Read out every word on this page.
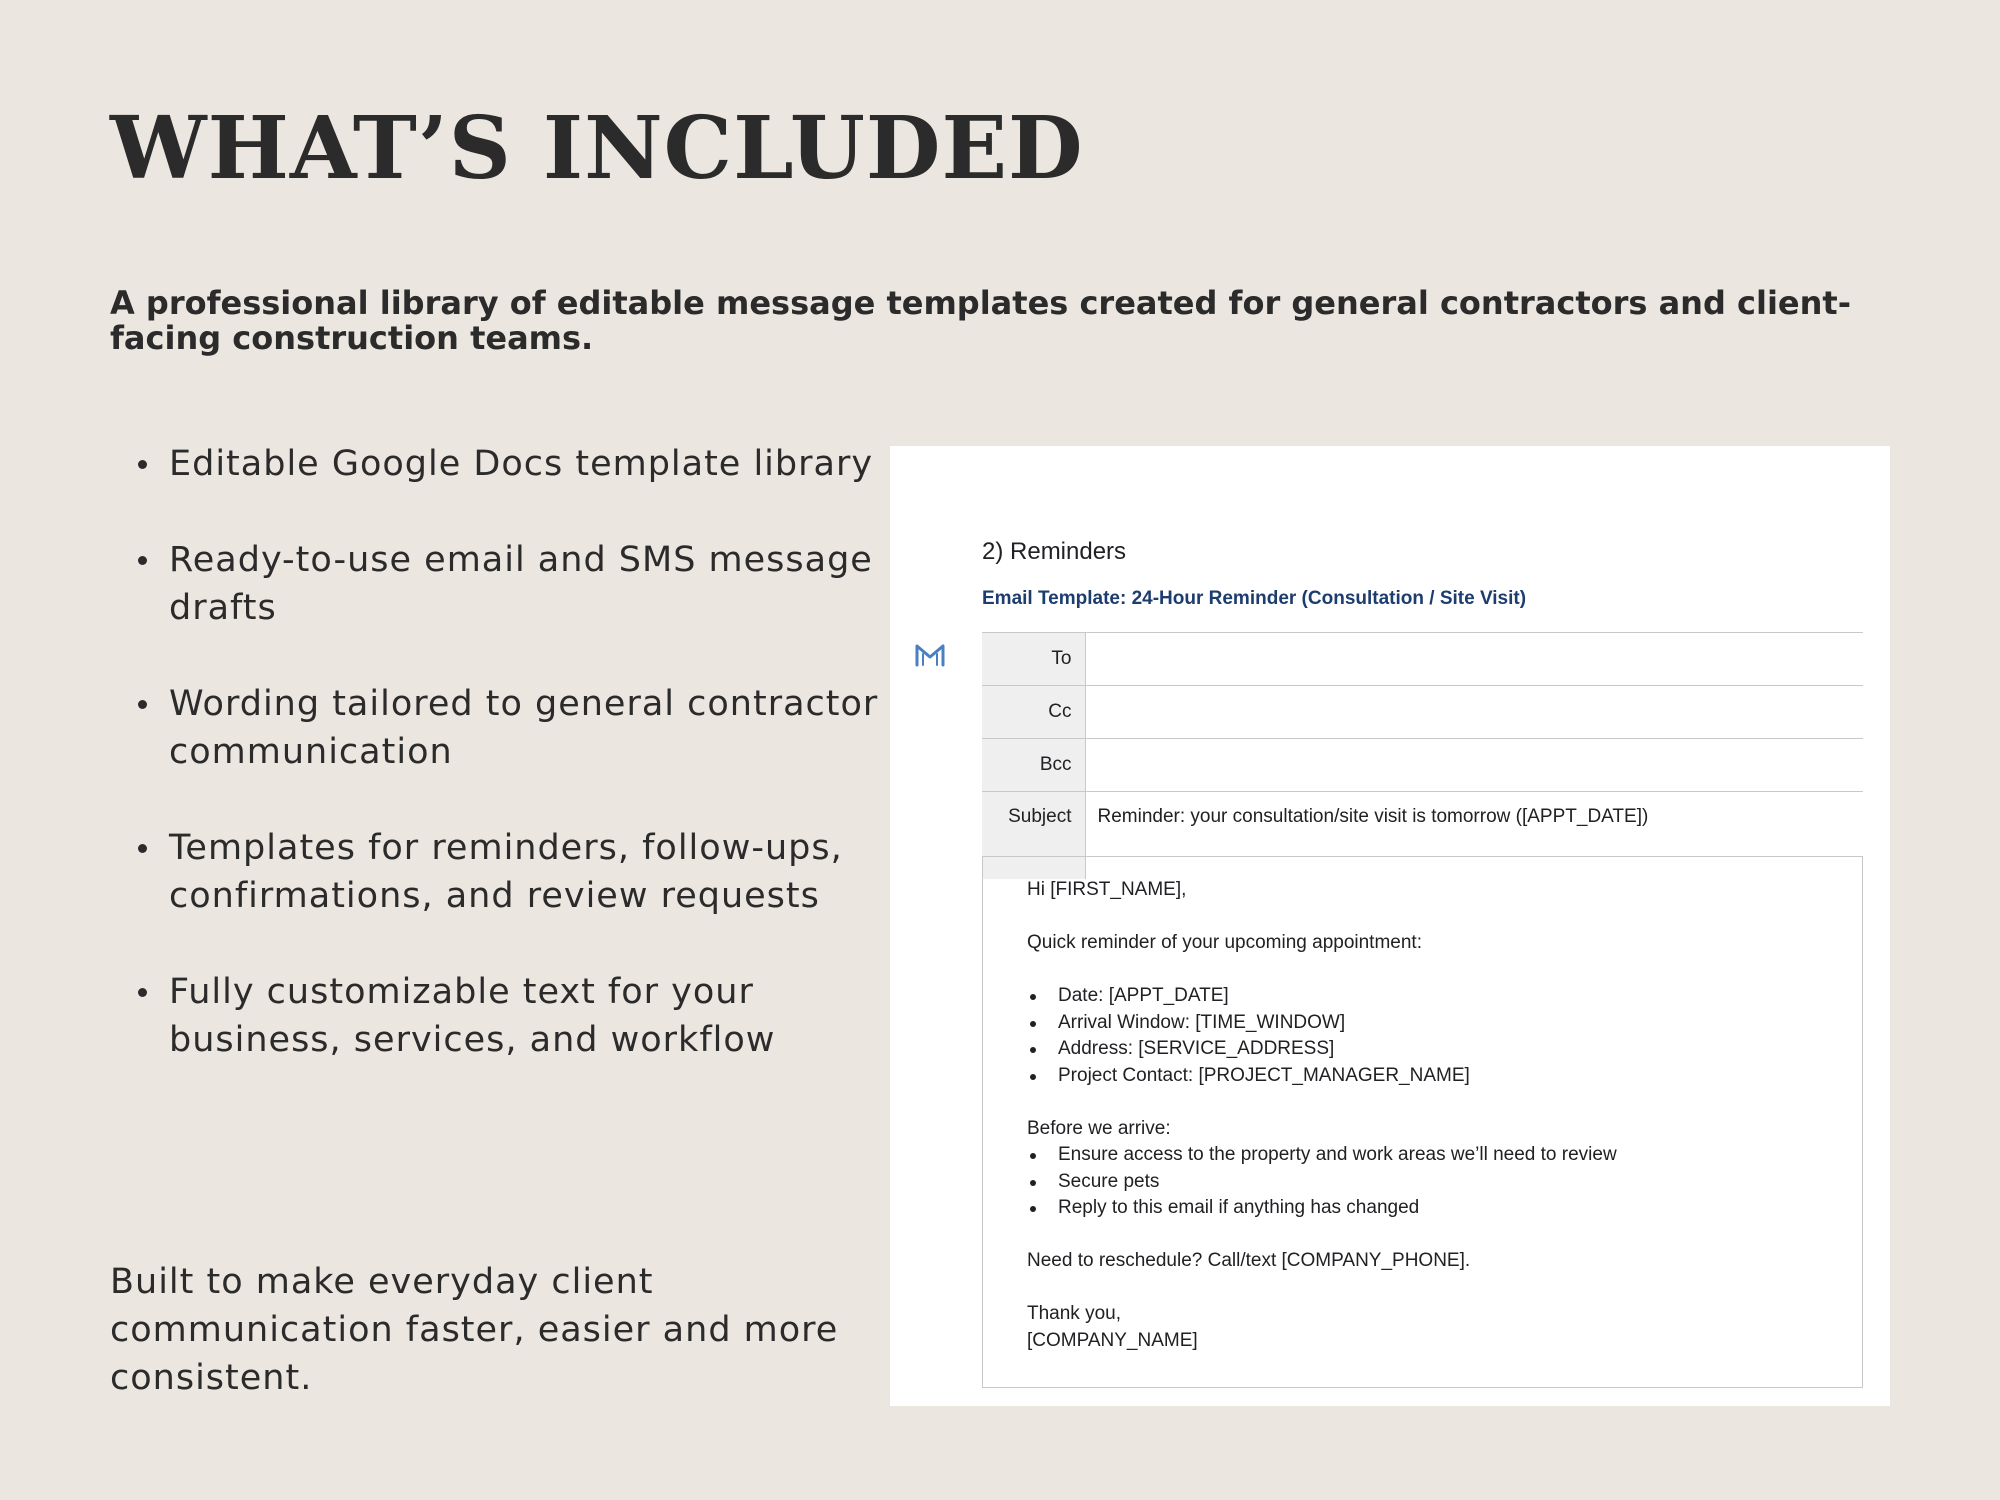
WHAT’S INCLUDED

A professional library of editable message templates created for general contractors and client-facing construction teams.

Editable Google Docs template library
Ready-to-use email and SMS message drafts
Wording tailored to general contractor communication
Templates for reminders, follow-ups, confirmations, and review requests
Fully customizable text for your business, services, and workflow

Built to make everyday client communication faster, easier and more consistent.

2) Reminders
Email Template: 24-Hour Reminder (Consultation / Site Visit)
To	
Cc	
Bcc	
Subject	Reminder: your consultation/site visit is tomorrow ([APPT_DATE])

Hi [FIRST_NAME],

Quick reminder of your upcoming appointment:

Date: [APPT_DATE]
Arrival Window: [TIME_WINDOW]
Address: [SERVICE_ADDRESS]
Project Contact: [PROJECT_MANAGER_NAME]

Before we arrive:

Ensure access to the property and work areas we’ll need to review
Secure pets
Reply to this email if anything has changed

Need to reschedule? Call/text [COMPANY_PHONE].

Thank you,

[COMPANY_NAME]
